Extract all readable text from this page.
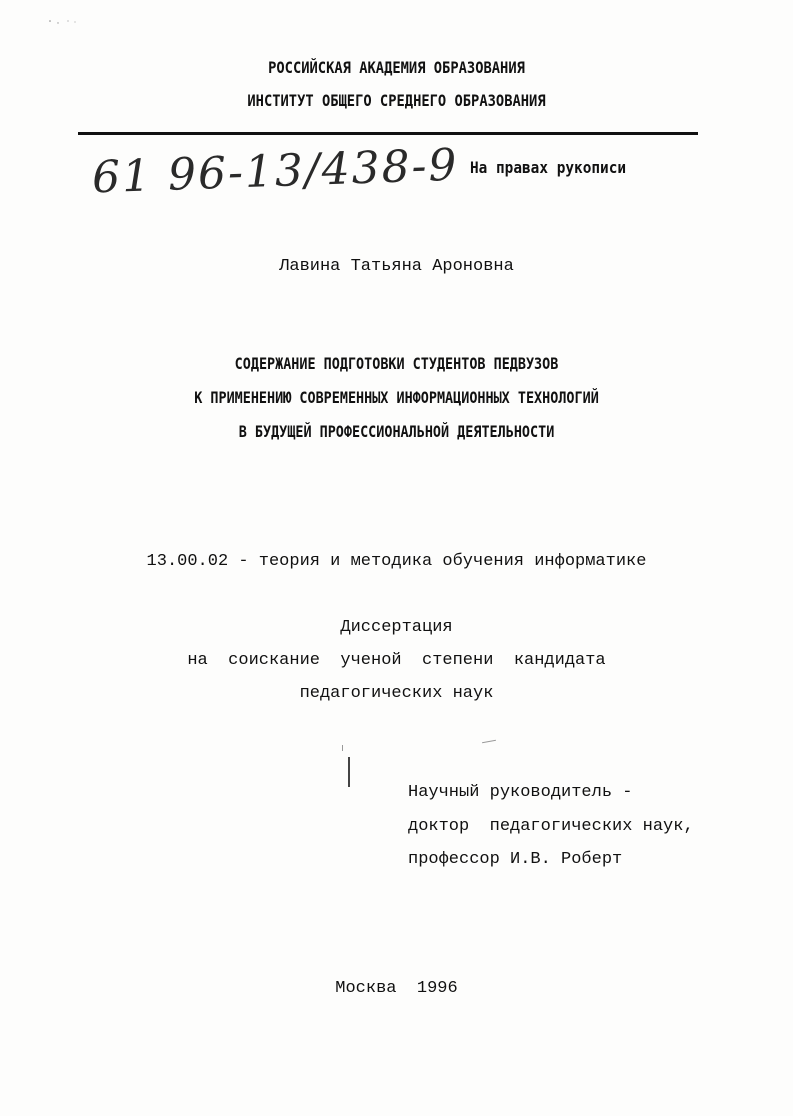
РОССИЙСКАЯ АКАДЕМИЯ ОБРАЗОВАНИЯ
ИНСТИТУТ ОБЩЕГО СРЕДНЕГО ОБРАЗОВАНИЯ
61 96-13/438-9 На правах рукописи
Лавина Татьяна Ароновна
СОДЕРЖАНИЕ ПОДГОТОВКИ СТУДЕНТОВ ПЕДВУЗОВ
К ПРИМЕНЕНИЮ СОВРЕМЕННЫХ ИНФОРМАЦИОННЫХ ТЕХНОЛОГИЙ
В БУДУЩЕЙ ПРОФЕССИОНАЛЬНОЙ ДЕЯТЕЛЬНОСТИ
13.00.02 - теория и методика обучения информатике
Диссертация
на  соискание  ученой  степени  кандидата
педагогических наук
Научный руководитель -
доктор  педагогических наук,
профессор И.В. Роберт
Москва  1996
